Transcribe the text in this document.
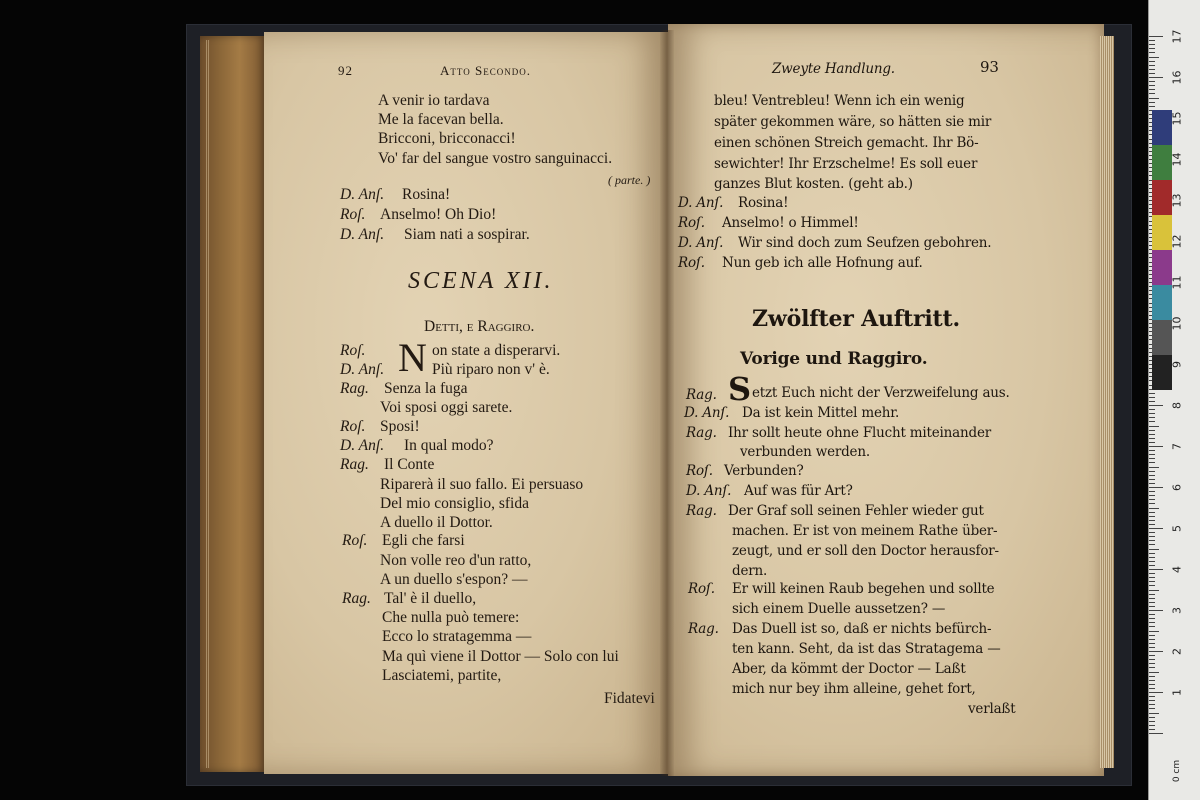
92	Atto Secondo.
A venir io tardava
Me la facevan bella.
Bricconi, bricconacci!
Vo' far del sangue vostro sanguinacci.
( parte. )
D. Anſ. Rosina!
Roſ. Anselmo! Oh Dio!
D. Anſ. Siam nati a sospirar.
SCENA XII.
Detti, e Raggiro.
N
Roſ.	on state a disperarvi.
D. Anſ.	Più riparo non v' è.
Rag. Senza la fuga
Voi sposi oggi sarete.
Roſ. Sposi!
D. Anſ. In qual modo?
Rag. Il Conte
Riparerà il suo fallo. Ei persuaso
Del mio consiglio, sfida
A duello il Dottor.
Roſ. Egli che farsi
Non volle reo d'un ratto,
A un duello s'espon? —
Rag. Tal' è il duello,
Che nulla può temere:
Ecco lo stratagemma —
Ma quì viene il Dottor — Solo con lui
Lasciatemi, partite,
Fidatevi
Zweyte Handlung.	93
bleu! Ventrebleu! Wenn ich ein wenig
später gekommen wäre, so hätten sie mir
einen schönen Streich gemacht. Ihr Bö-
sewichter! Ihr Erzschelme! Es soll euer
ganzes Blut kosten. (geht ab.)
D. Anſ. Rosina!
Roſ. Anselmo! o Himmel!
D. Anſ. Wir sind doch zum Seufzen gebohren.
Roſ. Nun geb ich alle Hofnung auf.
Zwölfter Auftritt.
Vorige und Raggiro.
S
Rag.	etzt Euch nicht der Verzweifelung aus.
D. Anſ. Da ist kein Mittel mehr.
Rag. Ihr sollt heute ohne Flucht miteinander
verbunden werden.
Roſ. Verbunden?
D. Anſ. Auf was für Art?
Rag. Der Graf soll seinen Fehler wieder gut
machen. Er ist von meinem Rathe über-
zeugt, und er soll den Doctor herausfor-
dern.
Roſ. Er will keinen Raub begehen und sollte
sich einem Duelle aussetzen? —
Rag. Das Duell ist so, daß er nichts befürch-
ten kann. Seht, da ist das Stratagema —
Aber, da kömmt der Doctor — Laßt
mich nur bey ihm alleine, gehet fort,
verlaßt
17
16
15
14
13
12
11
10
9
8
7
6
5
4
3
2
1
0 cm
